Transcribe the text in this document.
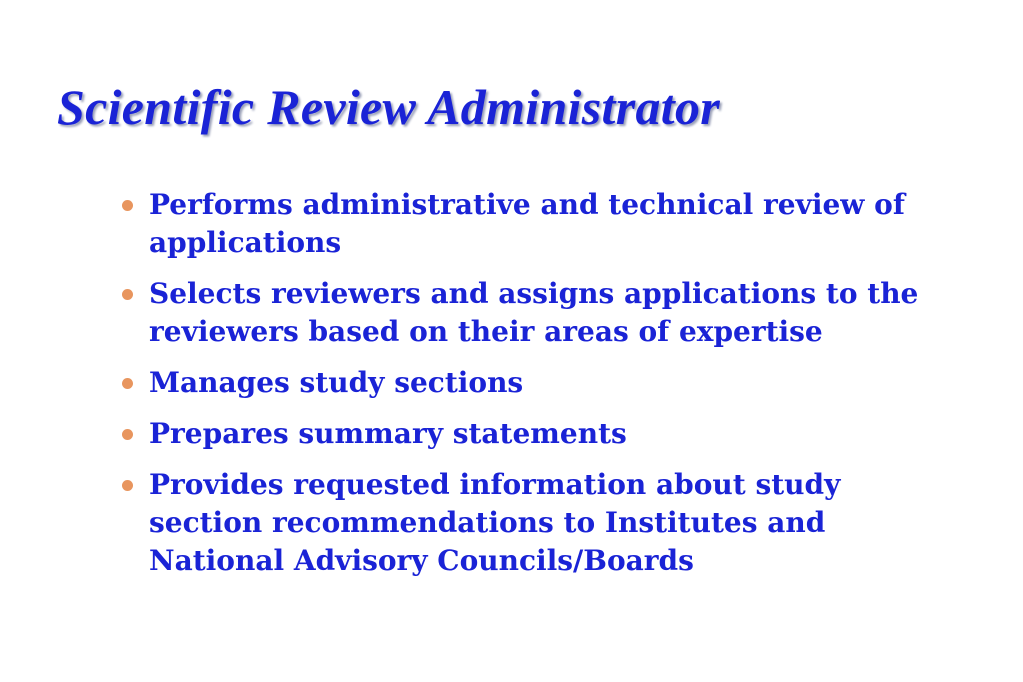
Scientific Review Administrator
Performs administrative and technical review of applications
Selects reviewers and assigns applications to the reviewers based on their areas of expertise
Manages study sections
Prepares summary statements
Provides requested information about study section recommendations to Institutes and National Advisory Councils/Boards
